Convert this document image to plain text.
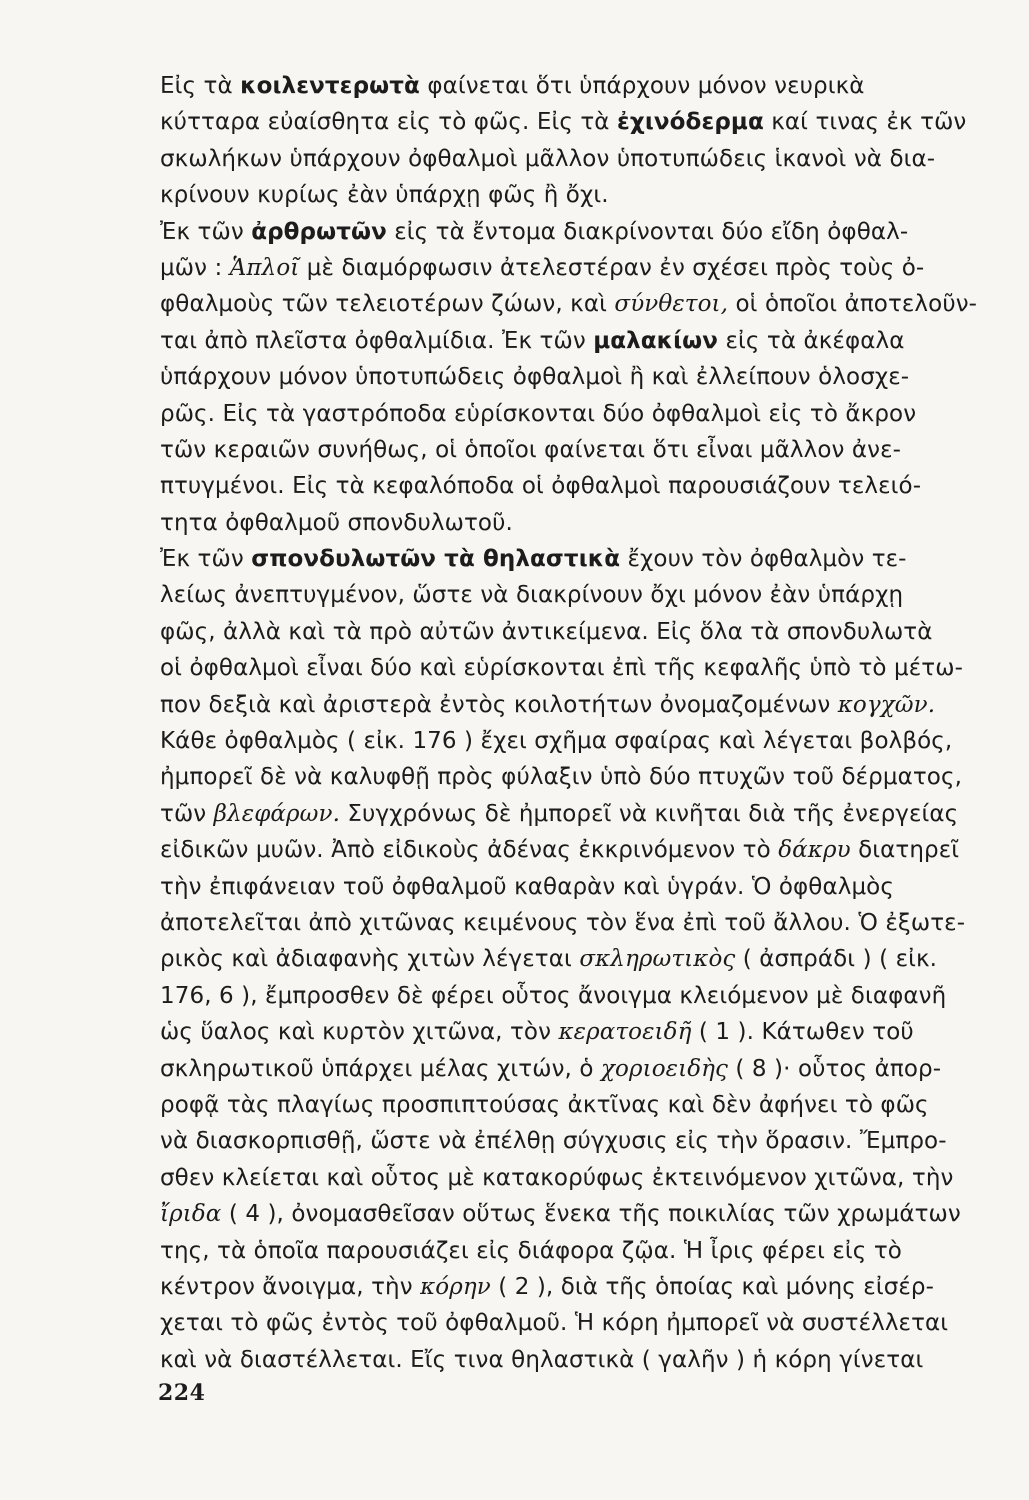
Εἰς τὰ κοιλεντερωτὰ φαίνεται ὅτι ὑπάρχουν μόνον νευρικὰ
κύτταρα εὐαίσθητα εἰς τὸ φῶς. Εἰς τὰ ἐχινόδερμα καί τινας ἐκ τῶν
σκωλήκων ὑπάρχουν ὀφθαλμοὶ μᾶλλον ὑποτυπώδεις ἱκανοὶ νὰ δια-
κρίνουν κυρίως ἐὰν ὑπάρχῃ φῶς ἢ ὄχι.
Ἐκ τῶν ἀρθρωτῶν εἰς τὰ ἔντομα διακρίνονται δύο εἴδη ὀφθαλ-
μῶν : Ἁπλοῖ μὲ διαμόρφωσιν ἀτελεστέραν ἐν σχέσει πρὸς τοὺς ὀ-
φθαλμοὺς τῶν τελειοτέρων ζώων, καὶ σύνθετοι, οἱ ὁποῖοι ἀποτελοῦν-
ται ἀπὸ πλεῖστα ὀφθαλμίδια. Ἐκ τῶν μαλακίων εἰς τὰ ἀκέφαλα
ὑπάρχουν μόνον ὑποτυπώδεις ὀφθαλμοὶ ἢ καὶ ἐλλείπουν ὁλοσχε-
ρῶς. Εἰς τὰ γαστρόποδα εὑρίσκονται δύο ὀφθαλμοὶ εἰς τὸ ἄκρον
τῶν κεραιῶν συνήθως, οἱ ὁποῖοι φαίνεται ὅτι εἶναι μᾶλλον ἀνε-
πτυγμένοι. Εἰς τὰ κεφαλόποδα οἱ ὀφθαλμοὶ παρουσιάζουν τελειό-
τητα ὀφθαλμοῦ σπονδυλωτοῦ.
Ἐκ τῶν σπονδυλωτῶν τὰ θηλαστικὰ ἔχουν τὸν ὀφθαλμὸν τε-
λείως ἀνεπτυγμένον, ὥστε νὰ διακρίνουν ὄχι μόνον ἐὰν ὑπάρχῃ
φῶς, ἀλλὰ καὶ τὰ πρὸ αὐτῶν ἀντικείμενα. Εἰς ὅλα τὰ σπονδυλωτὰ
οἱ ὀφθαλμοὶ εἶναι δύο καὶ εὑρίσκονται ἐπὶ τῆς κεφαλῆς ὑπὸ τὸ μέτω-
πον δεξιὰ καὶ ἀριστερὰ ἐντὸς κοιλοτήτων ὀνομαζομένων κογχῶν.
Κάθε ὀφθαλμὸς ( εἰκ. 176 ) ἔχει σχῆμα σφαίρας καὶ λέγεται βολβός,
ἠμπορεῖ δὲ νὰ καλυφθῇ πρὸς φύλαξιν ὑπὸ δύο πτυχῶν τοῦ δέρματος,
τῶν βλεφάρων. Συγχρόνως δὲ ἠμπορεῖ νὰ κινῆται διὰ τῆς ἐνεργείας
εἰδικῶν μυῶν. Ἀπὸ εἰδικοὺς ἀδένας ἐκκρινόμενον τὸ δάκρυ διατηρεῖ
τὴν ἐπιφάνειαν τοῦ ὀφθαλμοῦ καθαρὰν καὶ ὑγράν. Ὁ ὀφθαλμὸς
ἀποτελεῖται ἀπὸ χιτῶνας κειμένους τὸν ἕνα ἐπὶ τοῦ ἄλλου. Ὁ ἐξωτε-
ρικὸς καὶ ἀδιαφανὴς χιτὼν λέγεται σκληρωτικὸς ( ἀσπράδι ) ( εἰκ.
176, 6 ), ἔμπροσθεν δὲ φέρει οὗτος ἄνοιγμα κλειόμενον μὲ διαφανῆ
ὡς ὕαλος καὶ κυρτὸν χιτῶνα, τὸν κερατοειδῆ ( 1 ). Κάτωθεν τοῦ
σκληρωτικοῦ ὑπάρχει μέλας χιτών, ὁ χοριοειδὴς ( 8 )· οὗτος ἀπορ-
ροφᾷ τὰς πλαγίως προσπιπτούσας ἀκτῖνας καὶ δὲν ἀφήνει τὸ φῶς
νὰ διασκορπισθῇ, ὥστε νὰ ἐπέλθῃ σύγχυσις εἰς τὴν ὅρασιν. Ἔμπρο-
σθεν κλείεται καὶ οὗτος μὲ κατακορύφως ἐκτεινόμενον χιτῶνα, τὴν
ἴριδα ( 4 ), ὀνομασθεῖσαν οὕτως ἕνεκα τῆς ποικιλίας τῶν χρωμάτων
της, τὰ ὁποῖα παρουσιάζει εἰς διάφορα ζῷα. Ἡ ἶρις φέρει εἰς τὸ
κέντρον ἄνοιγμα, τὴν κόρην ( 2 ), διὰ τῆς ὁποίας καὶ μόνης εἰσέρ-
χεται τὸ φῶς ἐντὸς τοῦ ὀφθαλμοῦ. Ἡ κόρη ἠμπορεῖ νὰ συστέλλεται
καὶ νὰ διαστέλλεται. Εἴς τινα θηλαστικὰ ( γαλῆν ) ἡ κόρη γίνεται
224
